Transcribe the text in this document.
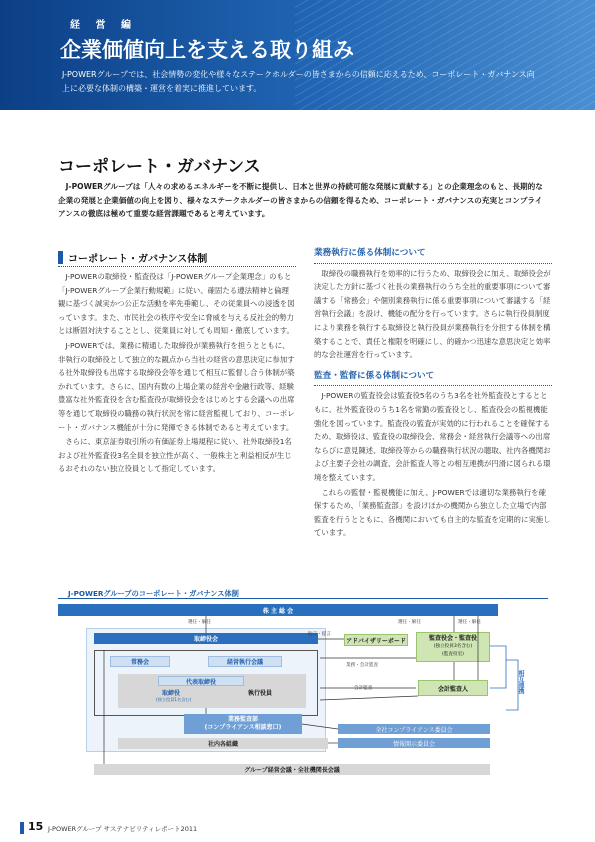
経 営 編
企業価値向上を支える取り組み
J-POWERグループでは、社会情勢の変化や様々なステークホルダーの皆さまからの信頼に応えるため、コーポレート・ガバナンス向上に必要な体制の構築・運営を着実に推進しています。
コーポレート・ガバナンス
J-POWERグループは「人々の求めるエネルギーを不断に提供し、日本と世界の持続可能な発展に貢献する」との企業理念のもと、長期的な企業の発展と企業価値の向上を図り、様々なステークホルダーの皆さまからの信頼を得るため、コーポレート・ガバナンスの充実とコンプライアンスの徹底は極めて重要な経営課題であると考えています。
コーポレート・ガバナンス体制

J-POWERの取締役・監査役は「J-POWERグループ企業理念」のもと「J-POWERグループ企業行動規範」に従い、確固たる遵法精神と倫理観に基づく誠実かつ公正な活動を率先垂範し、その従業員への浸透を図っています。また、市民社会の秩序や安全に脅威を与える反社会的勢力とは断固対決することとし、従業員に対しても周知・徹底しています。

J-POWERでは、業務に精通した取締役が業務執行を担うとともに、非執行の取締役として独立的な観点から当社の経営の意思決定に参加する社外取締役も出席する取締役会等を通じて相互に監督し合う体制が築かれています。さらに、国内有数の上場企業の経営や金融行政等、経験豊富な社外監査役を含む監査役が取締役会をはじめとする会議への出席等を通じて取締役の職務の執行状況を常に経営監視しており、コーポレート・ガバナンス機能が十分に発揮できる体制であると考えています。

さらに、東京証券取引所の有価証券上場規程に従い、社外取締役1名および社外監査役3名全員を独立性が高く、一般株主と利益相反が生じるおそれのない独立役員として指定しています。

業務執行に係る体制について

取締役の職務執行を効率的に行うため、取締役会に加え、取締役会が決定した方針に基づく社長の業務執行のうち全社的重要事項について審議する「常務会」や個別業務執行に係る重要事項について審議する「経営執行会議」を設け、機能の配分を行っています。さらに執行役員制度により業務を執行する取締役と執行役員が業務執行を分担する体制を構築することで、責任と権限を明確にし、的確かつ迅速な意思決定と効率的な会社運営を行っています。

監査・監督に係る体制について

J-POWERの監査役会は監査役5名のうち3名を社外監査役とするとともに、社外監査役のうち1名を常勤の監査役とし、監査役会の監視機能強化を図っています。監査役の監査が実効的に行われることを確保するため、取締役は、監査役の取締役会、常務会・経営執行会議等への出席ならびに意見陳述、取締役等からの職務執行状況の聴取、社内各機関および主要子会社の調査、会計監査人等との相互連携が円滑に図られる環境を整えています。

これらの監督・監視機能に加え、J-POWERでは適切な業務執行を確保するため、「業務監査部」を設けほかの機関から独立した立場で内部監査を行うとともに、各機関においても自主的な監査を定期的に実施しています。

J-POWERグループのコーポレート・ガバナンス体制
株 主 総 会
選任・解任	選任・解任	選任・解任
取締役会
助言・提言
アドバイザリーボード	監査役会・監査役
(独立役員3名含む)
(監査役室)
常務会	経営執行会議
代表取締役
取締役
(独立役員1名含む)
執行役員
業務・会計監査
会計監査	会計監査人	相互連携
業務監査部
(コンプライアンス相談窓口)	全社コンプライアンス委員会
情報開示委員会
社内各組織
グループ経営会議・全社機関長会議
15 J-POWERグループ サステナビリティレポート2011
